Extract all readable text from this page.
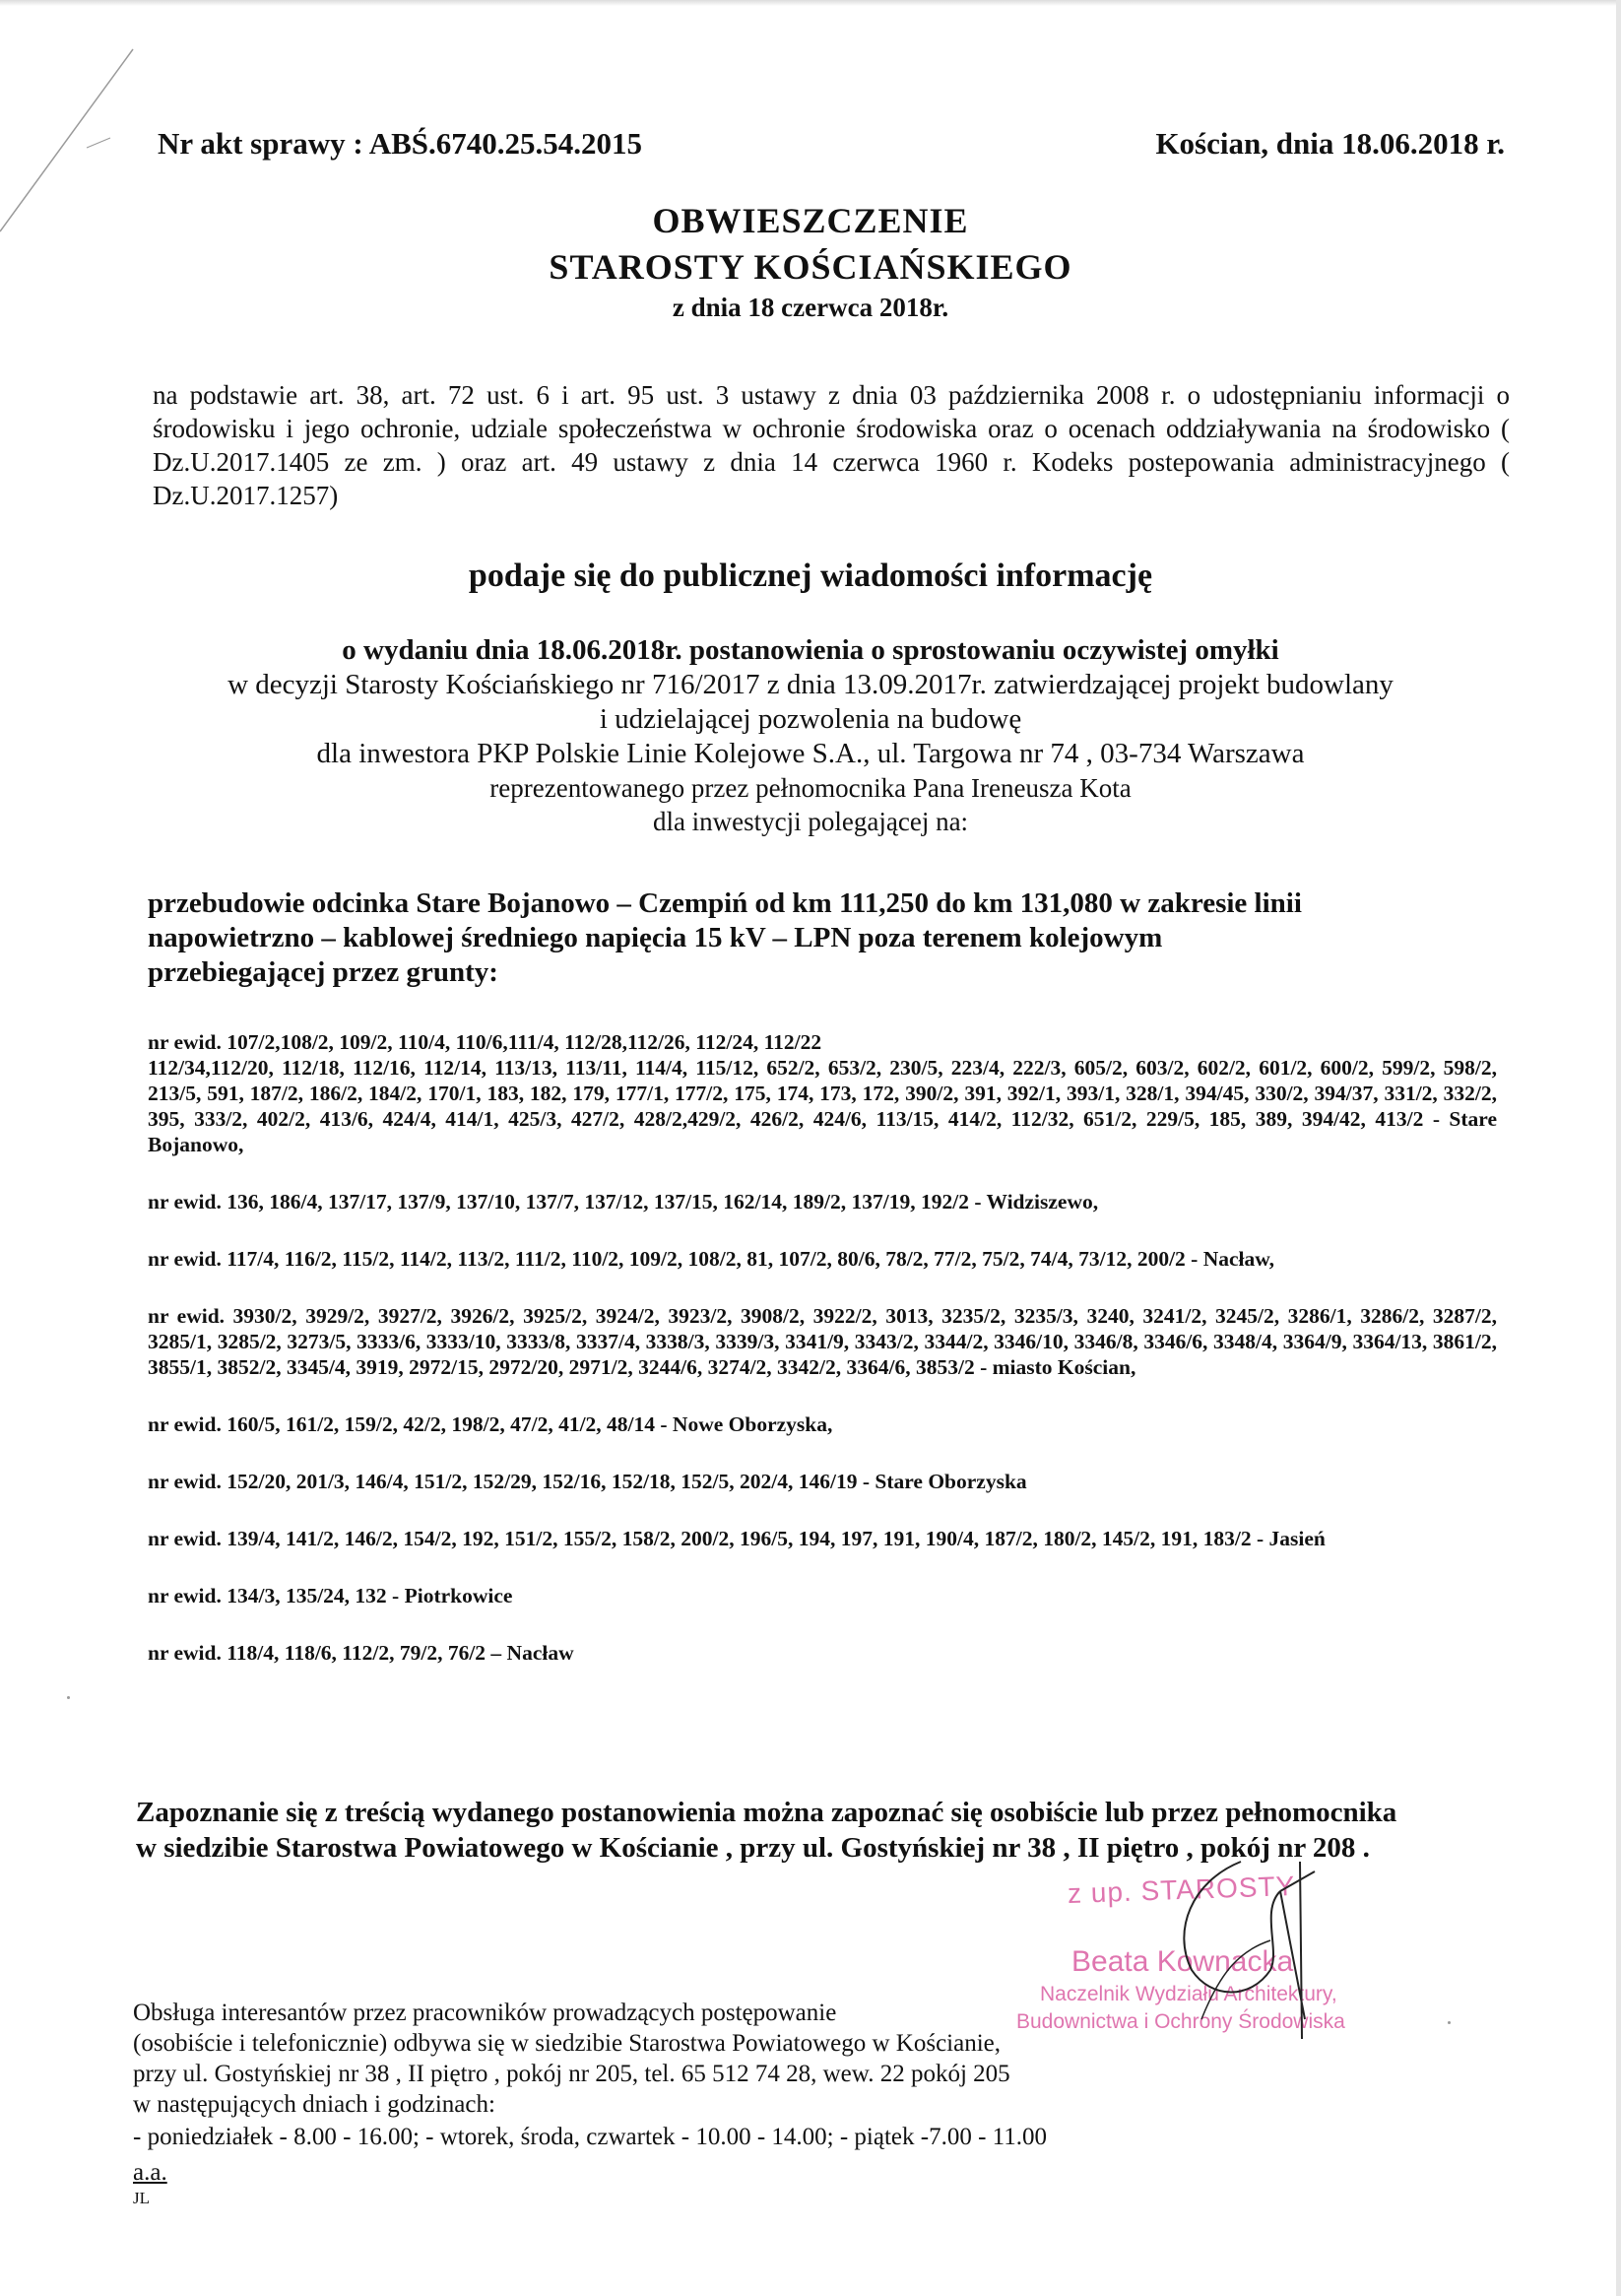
Nr akt sprawy : ABŚ.6740.25.54.2015	Kościan, dnia 18.06.2018 r.
OBWIESZCZENIE
STAROSTY KOŚCIAŃSKIEGO
z dnia 18 czerwca 2018r.
na podstawie art. 38, art. 72 ust. 6 i art. 95 ust. 3 ustawy z dnia 03 października 2008 r. o udostępnianiu informacji o środowisku i jego ochronie, udziale społeczeństwa w ochronie środowiska oraz o ocenach oddziaływania na środowisko ( Dz.U.2017.1405 ze zm. ) oraz art. 49 ustawy z dnia 14 czerwca 1960 r. Kodeks postepowania administracyjnego ( Dz.U.2017.1257)
podaje się do publicznej wiadomości informację
o wydaniu dnia 18.06.2018r. postanowienia o sprostowaniu oczywistej omyłki
w decyzji Starosty Kościańskiego nr 716/2017 z dnia 13.09.2017r. zatwierdzającej projekt budowlany
i udzielającej pozwolenia na budowę
dla inwestora PKP Polskie Linie Kolejowe S.A., ul. Targowa nr 74 , 03-734 Warszawa
reprezentowanego przez pełnomocnika Pana Ireneusza Kota
dla inwestycji polegającej na:
przebudowie odcinka Stare Bojanowo – Czempiń od km 111,250 do km 131,080 w zakresie linii
napowietrzno – kablowej średniego napięcia 15 kV – LPN poza terenem kolejowym
przebiegającej przez grunty:
nr ewid. 107/2,108/2, 109/2, 110/4, 110/6,111/4, 112/28,112/26, 112/24, 112/22
112/34,112/20, 112/18, 112/16, 112/14, 113/13, 113/11, 114/4, 115/12, 652/2, 653/2, 230/5, 223/4, 222/3, 605/2, 603/2, 602/2, 601/2, 600/2, 599/2, 598/2, 213/5, 591, 187/2, 186/2, 184/2, 170/1, 183, 182, 179, 177/1, 177/2, 175, 174, 173, 172, 390/2, 391, 392/1, 393/1, 328/1, 394/45, 330/2, 394/37, 331/2, 332/2, 395, 333/2, 402/2, 413/6, 424/4, 414/1, 425/3, 427/2, 428/2,429/2, 426/2, 424/6, 113/15, 414/2, 112/32, 651/2, 229/5, 185, 389, 394/42, 413/2 - Stare Bojanowo,
nr ewid. 136, 186/4, 137/17, 137/9, 137/10, 137/7, 137/12, 137/15, 162/14, 189/2, 137/19, 192/2 - Widziszewo,
nr ewid. 117/4, 116/2, 115/2, 114/2, 113/2, 111/2, 110/2, 109/2, 108/2, 81, 107/2, 80/6, 78/2, 77/2, 75/2, 74/4, 73/12, 200/2 - Nacław,
nr ewid. 3930/2, 3929/2, 3927/2, 3926/2, 3925/2, 3924/2, 3923/2, 3908/2, 3922/2, 3013, 3235/2, 3235/3, 3240, 3241/2, 3245/2, 3286/1, 3286/2, 3287/2, 3285/1, 3285/2, 3273/5, 3333/6, 3333/10, 3333/8, 3337/4, 3338/3, 3339/3, 3341/9, 3343/2, 3344/2, 3346/10, 3346/8, 3346/6, 3348/4, 3364/9, 3364/13, 3861/2, 3855/1, 3852/2, 3345/4, 3919, 2972/15, 2972/20, 2971/2, 3244/6, 3274/2, 3342/2, 3364/6, 3853/2 - miasto Kościan,
nr ewid. 160/5, 161/2, 159/2, 42/2, 198/2, 47/2, 41/2, 48/14 - Nowe Oborzyska,
nr ewid. 152/20, 201/3, 146/4, 151/2, 152/29, 152/16, 152/18, 152/5, 202/4, 146/19 - Stare Oborzyska
nr ewid. 139/4, 141/2, 146/2, 154/2, 192, 151/2, 155/2, 158/2, 200/2, 196/5, 194, 197, 191, 190/4, 187/2, 180/2, 145/2, 191, 183/2 - Jasień
nr ewid. 134/3, 135/24, 132 - Piotrkowice
nr ewid. 118/4, 118/6, 112/2, 79/2, 76/2 – Nacław
Zapoznanie się z treścią wydanego postanowienia można zapoznać się osobiście lub przez pełnomocnika
w siedzibie Starostwa Powiatowego w Kościanie , przy ul. Gostyńskiej nr 38 , II piętro , pokój nr 208 .
z up. STAROSTY
Beata Kownacka
Naczelnik Wydziału Architektury,
Budownictwa i Ochrony Środowiska
Obsługa interesantów przez pracowników prowadzących postępowanie
(osobiście i telefonicznie) odbywa się w siedzibie Starostwa Powiatowego w Kościanie,
przy ul. Gostyńskiej nr 38 , II piętro , pokój nr 205, tel. 65 512 74 28, wew. 22 pokój 205
w następujących dniach i godzinach:
- poniedziałek - 8.00 - 16.00; - wtorek, środa, czwartek - 10.00 - 14.00; - piątek -7.00 - 11.00
a.a.
JL
